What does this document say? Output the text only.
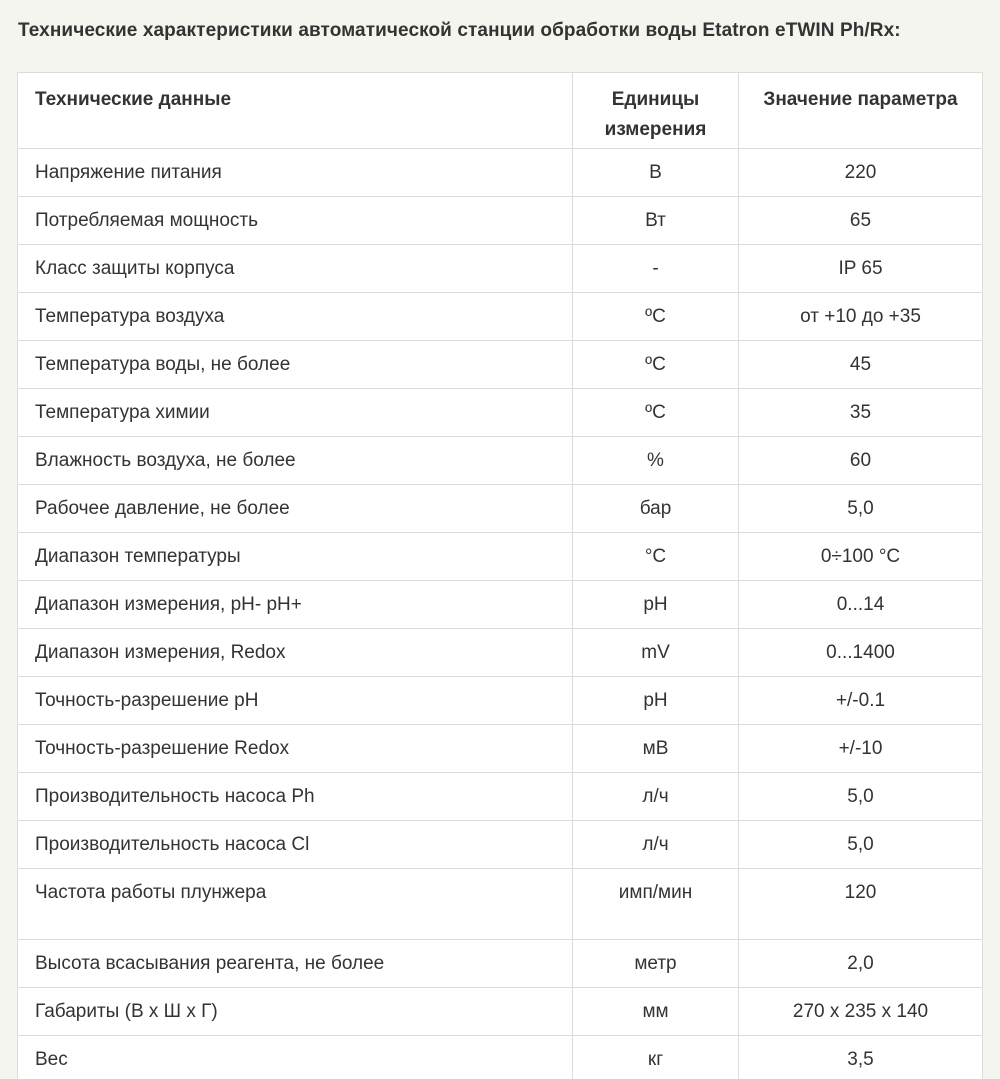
Технические характеристики автоматической станции обработки воды Etatron eTWIN Ph/Rx:
Технические данные	Единицы измерения	Значение параметра
Напряжение питания	В	220
Потребляемая мощность	Вт	65
Класс защиты корпуса	-	IP 65
Температура воздуха	ºС	от +10 до +35
Температура воды, не более	ºС	45
Температура химии	ºС	35
Влажность воздуха, не более	%	60
Рабочее давление, не более	бар	5,0
Диапазон температуры	°C	0÷100 °C
Диапазон измерения, pH- pH+	pH	0...14
Диапазон измерения, Redox	mV	0...1400
Точность-разрешение pH	pH	+/-0.1
Точность-разрешение Redox	мВ	+/-10
Производительность насоса Ph	л/ч	5,0
Производительность насоса Cl	л/ч	5,0
Частота работы плунжера	имп/мин	120
Высота всасывания реагента, не более	метр	2,0
Габариты (В х Ш х Г)	мм	270 х 235 х 140
Вес	кг	3,5
